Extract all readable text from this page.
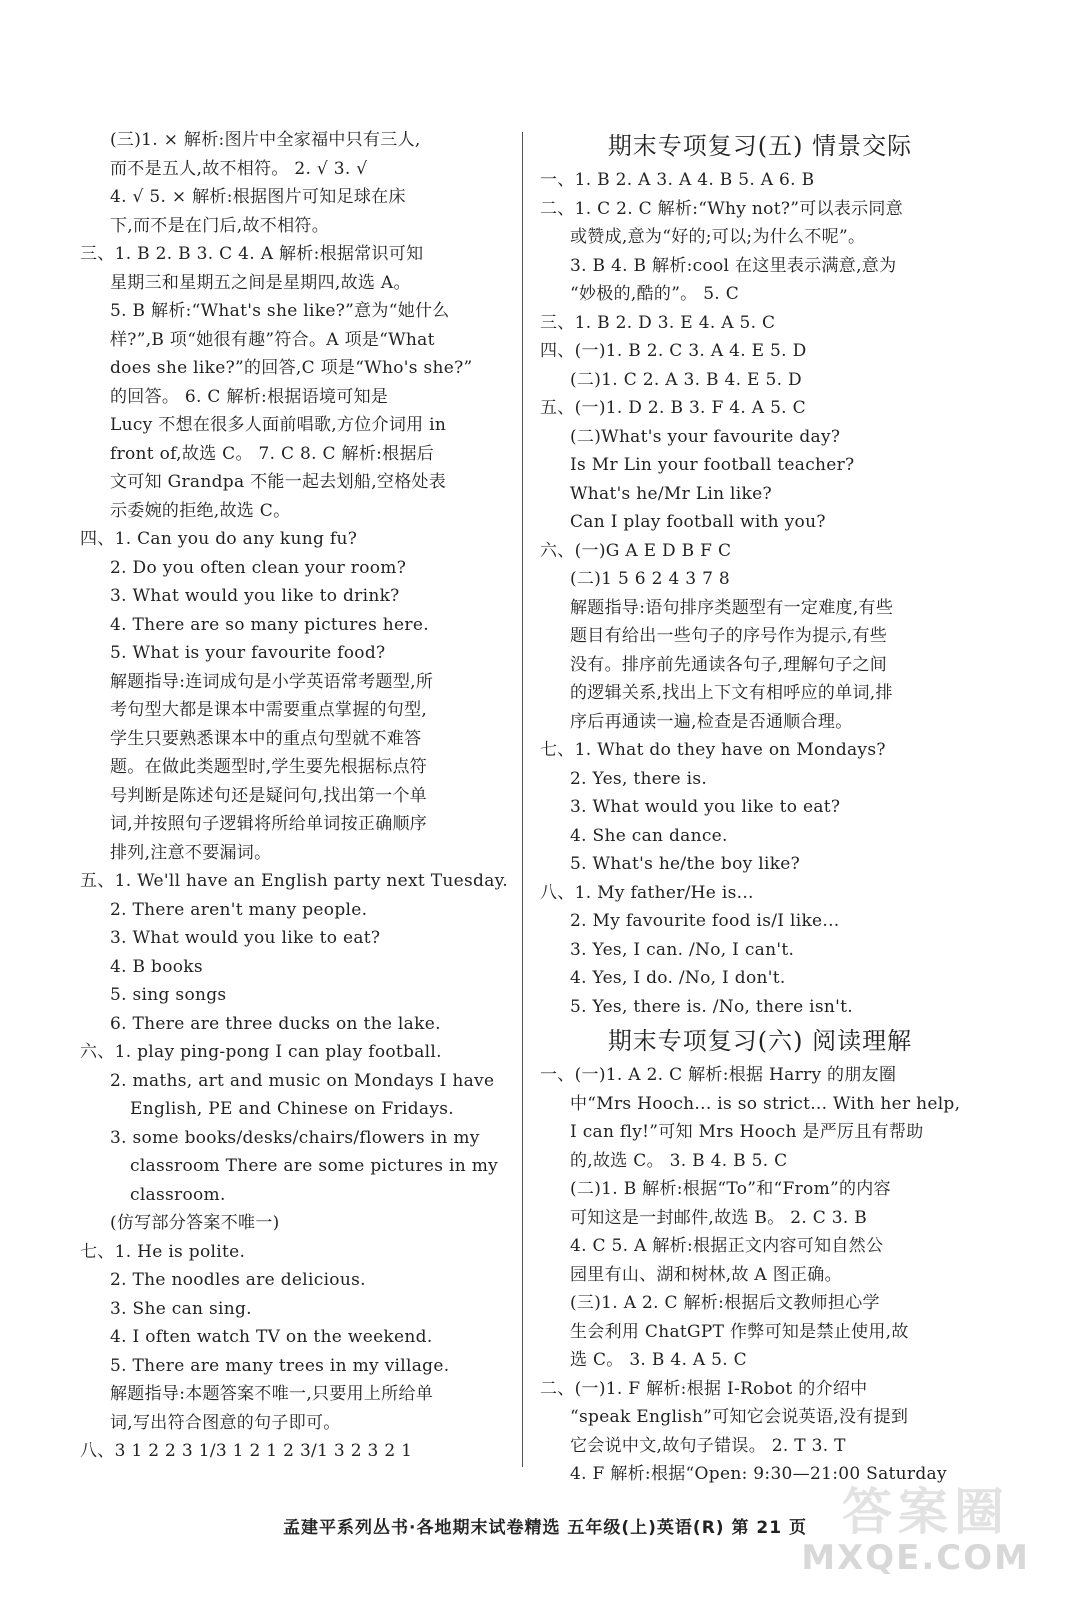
(三)1. × 解析:图片中全家福中只有三人,
而不是五人,故不相符。 2. √ 3. √
4. √ 5. × 解析:根据图片可知足球在床
下,而不是在门后,故不相符。
三、1. B 2. B 3. C 4. A 解析:根据常识可知
星期三和星期五之间是星期四,故选 A。
5. B 解析:“What's she like?”意为“她什么
样?”,B 项“她很有趣”符合。A 项是“What
does she like?”的回答,C 项是“Who's she?”
的回答。 6. C 解析:根据语境可知是
Lucy 不想在很多人面前唱歌,方位介词用 in
front of,故选 C。 7. C 8. C 解析:根据后
文可知 Grandpa 不能一起去划船,空格处表
示委婉的拒绝,故选 C。
四、1. Can you do any kung fu?
2. Do you often clean your room?
3. What would you like to drink?
4. There are so many pictures here.
5. What is your favourite food?
解题指导:连词成句是小学英语常考题型,所
考句型大都是课本中需要重点掌握的句型,
学生只要熟悉课本中的重点句型就不难答
题。在做此类题型时,学生要先根据标点符
号判断是陈述句还是疑问句,找出第一个单
词,并按照句子逻辑将所给单词按正确顺序
排列,注意不要漏词。
五、1. We'll have an English party next Tuesday.
2. There aren't many people.
3. What would you like to eat?
4. B books
5. sing songs
6. There are three ducks on the lake.
六、1. play ping-pong I can play football.
2. maths, art and music on Mondays I have
English, PE and Chinese on Fridays.
3. some books/desks/chairs/flowers in my
classroom There are some pictures in my
classroom.
(仿写部分答案不唯一)
七、1. He is polite.
2. The noodles are delicious.
3. She can sing.
4. I often watch TV on the weekend.
5. There are many trees in my village.
解题指导:本题答案不唯一,只要用上所给单
词,写出符合图意的句子即可。
八、3 1 2 2 3 1/3 1 2 1 2 3/1 3 2 3 2 1
期末专项复习(五) 情景交际
一、1. B 2. A 3. A 4. B 5. A 6. B
二、1. C 2. C 解析:“Why not?”可以表示同意
或赞成,意为“好的;可以;为什么不呢”。
3. B 4. B 解析:cool 在这里表示满意,意为
“妙极的,酷的”。 5. C
三、1. B 2. D 3. E 4. A 5. C
四、(一)1. B 2. C 3. A 4. E 5. D
(二)1. C 2. A 3. B 4. E 5. D
五、(一)1. D 2. B 3. F 4. A 5. C
(二)What's your favourite day?
Is Mr Lin your football teacher?
What's he/Mr Lin like?
Can I play football with you?
六、(一)G A E D B F C
(二)1 5 6 2 4 3 7 8
解题指导:语句排序类题型有一定难度,有些
题目有给出一些句子的序号作为提示,有些
没有。排序前先通读各句子,理解句子之间
的逻辑关系,找出上下文有相呼应的单词,排
序后再通读一遍,检查是否通顺合理。
七、1. What do they have on Mondays?
2. Yes, there is.
3. What would you like to eat?
4. She can dance.
5. What's he/the boy like?
八、1. My father/He is...
2. My favourite food is/I like...
3. Yes, I can. /No, I can't.
4. Yes, I do. /No, I don't.
5. Yes, there is. /No, there isn't.
期末专项复习(六) 阅读理解
一、(一)1. A 2. C 解析:根据 Harry 的朋友圈
中“Mrs Hooch... is so strict... With her help,
I can fly!”可知 Mrs Hooch 是严厉且有帮助
的,故选 C。 3. B 4. B 5. C
(二)1. B 解析:根据“To”和“From”的内容
可知这是一封邮件,故选 B。 2. C 3. B
4. C 5. A 解析:根据正文内容可知自然公
园里有山、湖和树林,故 A 图正确。
(三)1. A 2. C 解析:根据后文教师担心学
生会利用 ChatGPT 作弊可知是禁止使用,故
选 C。 3. B 4. A 5. C
二、(一)1. F 解析:根据 I-Robot 的介绍中
“speak English”可知它会说英语,没有提到
它会说中文,故句子错误。 2. T 3. T
4. F 解析:根据“Open: 9:30—21:00 Saturday
孟建平系列丛书·各地期末试卷精选 五年级(上)英语(R) 第 21 页 答案圈
MXQE.COM
